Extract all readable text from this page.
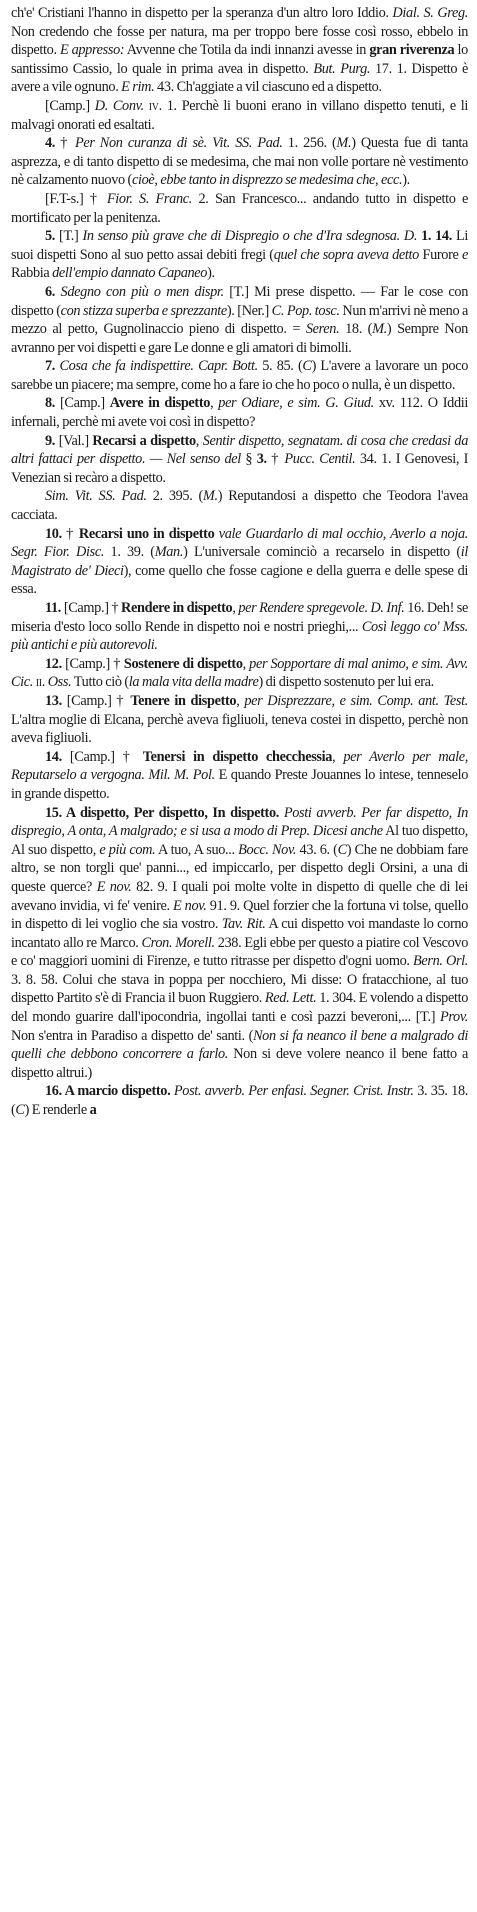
ch'e' Cristiani l'hanno in dispetto per la speranza d'un altro loro Iddio. Dial. S. Greg. Non credendo che fosse per natura, ma per troppo bere fosse così rosso, ebbelo in dispetto. E appresso: Avvenne che Totila da indi innanzi avesse in gran riverenza lo santissimo Cassio, lo quale in prima avea in dispetto. But. Purg. 17. 1. Dispetto è avere a vile ognuno. E rim. 43. Ch'aggiate a vil ciascuno ed a dispetto.

[Camp.] D. Conv. iv. 1. Perchè li buoni erano in villano dispetto tenuti, e li malvagi onorati ed esaltati.

4. † Per Non curanza di sè. Vit. SS. Pad. 1. 256. (M.) Questa fue di tanta asprezza, e di tanto dispetto di se medesima, che mai non volle portare nè vestimento nè calzamento nuovo (cioè, ebbe tanto in disprezzo se medesima che, ecc.).

[F.T-s.] † Fior. S. Franc. 2. San Francesco... andando tutto in dispetto e mortificato per la penitenza.

5. [T.] In senso più grave che di Dispregio o che d'Ira sdegnosa. D. 1. 14. Li suoi dispetti Sono al suo petto assai debiti fregi (quel che sopra aveva detto Furore e Rabbia dell'empio dannato Capaneo).

6. Sdegno con più o men dispr. [T.] Mi prese dispetto. — Far le cose con dispetto (con stizza superba e sprezzante). [Ner.] C. Pop. tosc. Nun m'arrivi nè meno a mezzo al petto, Gugnolinaccio pieno di dispetto. = Seren. 18. (M.) Sempre Non avranno per voi dispetti e gare Le donne e gli amatori di bimolli.

7. Cosa che fa indispettire. Capr. Bott. 5. 85. (C) L'avere a lavorare un poco sarebbe un piacere; ma sempre, come ho a fare io che ho poco o nulla, è un dispetto.

8. [Camp.] Avere in dispetto, per Odiare, e sim. G. Giud. xv. 112. O Iddii infernali, perchè mi avete voi così in dispetto?

9. [Val.] Recarsi a dispetto, Sentir dispetto, segnatam. di cosa che credasi da altri fattaci per dispetto. — Nel senso del § 3. † Pucc. Centil. 34. 1. I Genovesi, I Venezian si recàro a dispetto.

Sim. Vit. SS. Pad. 2. 395. (M.) Reputandosi a dispetto che Teodora l'avea cacciata.

10. † Recarsi uno in dispetto vale Guardarlo di mal occhio, Averlo a noja. Segr. Fior. Disc. 1. 39. (Man.) L'universale cominciò a recarselo in dispetto (il Magistrato de' Dieci), come quello che fosse cagione e della guerra e delle spese di essa.

11. [Camp.] † Rendere in dispetto, per Rendere spregevole. D. Inf. 16. Deh! se miseria d'esto loco sollo Rende in dispetto noi e nostri prieghi,... Così leggo co' Mss. più antichi e più autorevoli.

12. [Camp.] † Sostenere di dispetto, per Sopportare di mal animo, e sim. Avv. Cic. ii. Oss. Tutto ciò (la mala vita della madre) di dispetto sostenuto per lui era.

13. [Camp.] † Tenere in dispetto, per Disprezzare, e sim. Comp. ant. Test. L'altra moglie di Elcana, perchè aveva figliuoli, teneva costei in dispetto, perchè non aveva figliuoli.

14. [Camp.] † Tenersi in dispetto checchessia, per Averlo per male, Reputarselo a vergogna. Mil. M. Pol. E quando Preste Jouannes lo intese, tenneselo in grande dispetto.

15. A dispetto, Per dispetto, In dispetto. Posti avverb. Per far dispetto, In dispregio, A onta, A malgrado; e si usa a modo di Prep. Dicesi anche Al tuo dispetto, Al suo dispetto, e più com. A tuo, A suo... Bocc. Nov. 43. 6. (C) Che ne dobbiam fare altro, se non torgli que' panni..., ed impiccarlo, per dispetto degli Orsini, a una di queste querce? E nov. 82. 9. I quali poi molte volte in dispetto di quelle che di lei avevano invidia, vi fe' venire. E nov. 91. 9. Quel forzier che la fortuna vi tolse, quello in dispetto di lei voglio che sia vostro. Tav. Rit. A cui dispetto voi mandaste lo corno incantato allo re Marco. Cron. Morell. 238. Egli ebbe per questo a piatire col Vescovo e co' maggiori uomini di Firenze, e tutto ritrasse per dispetto d'ogni uomo. Bern. Orl. 3. 8. 58. Colui che stava in poppa per nocchiero, Mi disse: O fratacchione, al tuo dispetto Partito s'è di Francia il buon Ruggiero. Red. Lett. 1. 304. E volendo a dispetto del mondo guarire dall'ipocondria, ingollai tanti e così pazzi beveroni,... [T.] Prov. Non s'entra in Paradiso a dispetto de' santi. (Non si fa neanco il bene a malgrado di quelli che debbono concorrere a farlo. Non si deve volere neanco il bene fatto a dispetto altrui.)

16. A marcio dispetto. Post. avverb. Per enfasi. Segner. Crist. Instr. 3. 35. 18. (C) E renderle a
